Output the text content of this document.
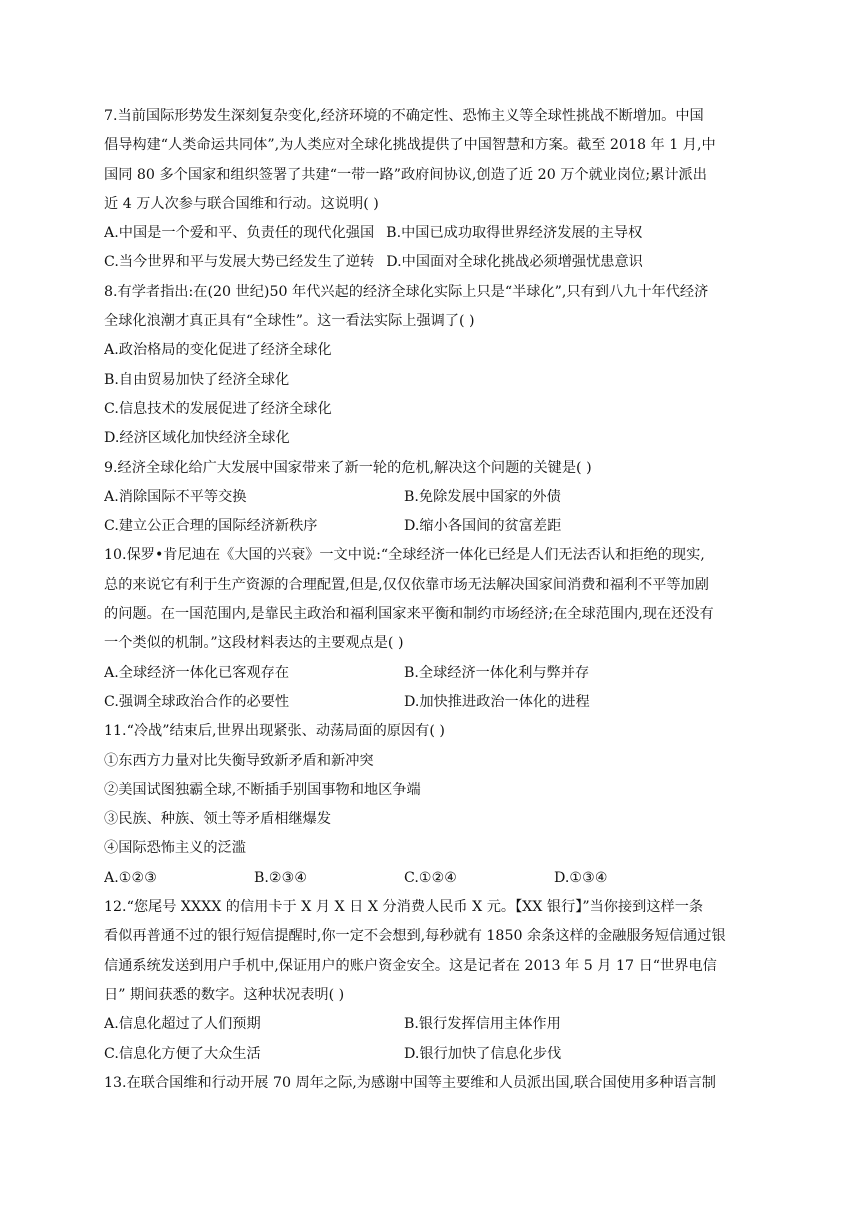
7.当前国际形势发生深刻复杂变化,经济环境的不确定性、恐怖主义等全球性挑战不断增加。中国
倡导构建“人类命运共同体”,为人类应对全球化挑战提供了中国智慧和方案。截至 2018 年 1 月,中
国同 80 多个国家和组织签署了共建“一带一路”政府间协议,创造了近 20 万个就业岗位;累计派出
近 4 万人次参与联合国维和行动。这说明( )
A.中国是一个爱和平、负责任的现代化强国 B.中国已成功取得世界经济发展的主导权
C.当今世界和平与发展大势已经发生了逆转 D.中国面对全球化挑战必须增强忧患意识
8.有学者指出:在(20 世纪)50 年代兴起的经济全球化实际上只是“半球化”,只有到八九十年代经济
全球化浪潮才真正具有“全球性”。这一看法实际上强调了( )
A.政治格局的变化促进了经济全球化
B.自由贸易加快了经济全球化
C.信息技术的发展促进了经济全球化
D.经济区域化加快经济全球化
9.经济全球化给广大发展中国家带来了新一轮的危机,解决这个问题的关键是( )
A.消除国际不平等交换	B.免除发展中国家的外债
C.建立公正合理的国际经济新秩序	D.缩小各国间的贫富差距
10.保罗•肯尼迪在《大国的兴衰》一文中说:“全球经济一体化已经是人们无法否认和拒绝的现实,
总的来说它有利于生产资源的合理配置,但是,仅仅依靠市场无法解决国家间消费和福利不平等加剧
的问题。在一国范围内,是靠民主政治和福利国家来平衡和制约市场经济;在全球范围内,现在还没有
一个类似的机制。”这段材料表达的主要观点是( )
A.全球经济一体化已客观存在	B.全球经济一体化利与弊并存
C.强调全球政治合作的必要性	D.加快推进政治一体化的进程
11.“冷战”结束后,世界出现紧张、动荡局面的原因有( )
①东西方力量对比失衡导致新矛盾和新冲突
②美国试图独霸全球,不断插手别国事物和地区争端
③民族、种族、领土等矛盾相继爆发
④国际恐怖主义的泛滥
A.①②③	B.②③④	C.①②④	D.①③④
12.“您尾号 XXXX 的信用卡于 X 月 X 日 X 分消费人民币 X 元。【XX 银行】”当你接到这样一条
看似再普通不过的银行短信提醒时,你一定不会想到,每秒就有 1850 余条这样的金融服务短信通过银
信通系统发送到用户手机中,保证用户的账户资金安全。这是记者在 2013 年 5 月 17 日“世界电信
日” 期间获悉的数字。这种状况表明( )
A.信息化超过了人们预期	B.银行发挥信用主体作用
C.信息化方便了大众生活	D.银行加快了信息化步伐
13.在联合国维和行动开展 70 周年之际,为感谢中国等主要维和人员派出国,联合国使用多种语言制
